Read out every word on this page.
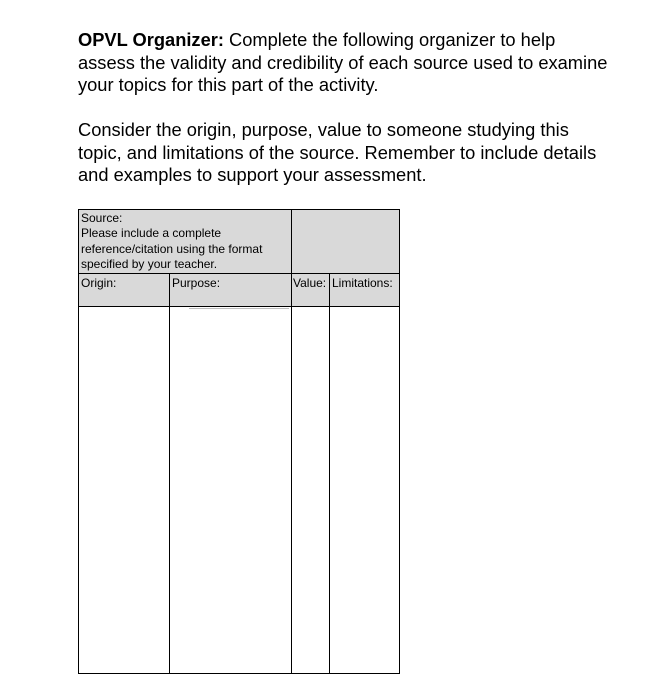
OPVL Organizer: Complete the following organizer to help assess the validity and credibility of each source used to examine your topics for this part of the activity.

Consider the origin, purpose, value to someone studying this topic, and limitations of the source. Remember to include details and examples to support your assessment.

Source:
Please include a complete reference/citation using the format specified by your teacher.
Origin:	Purpose:	Value: Limitations:
